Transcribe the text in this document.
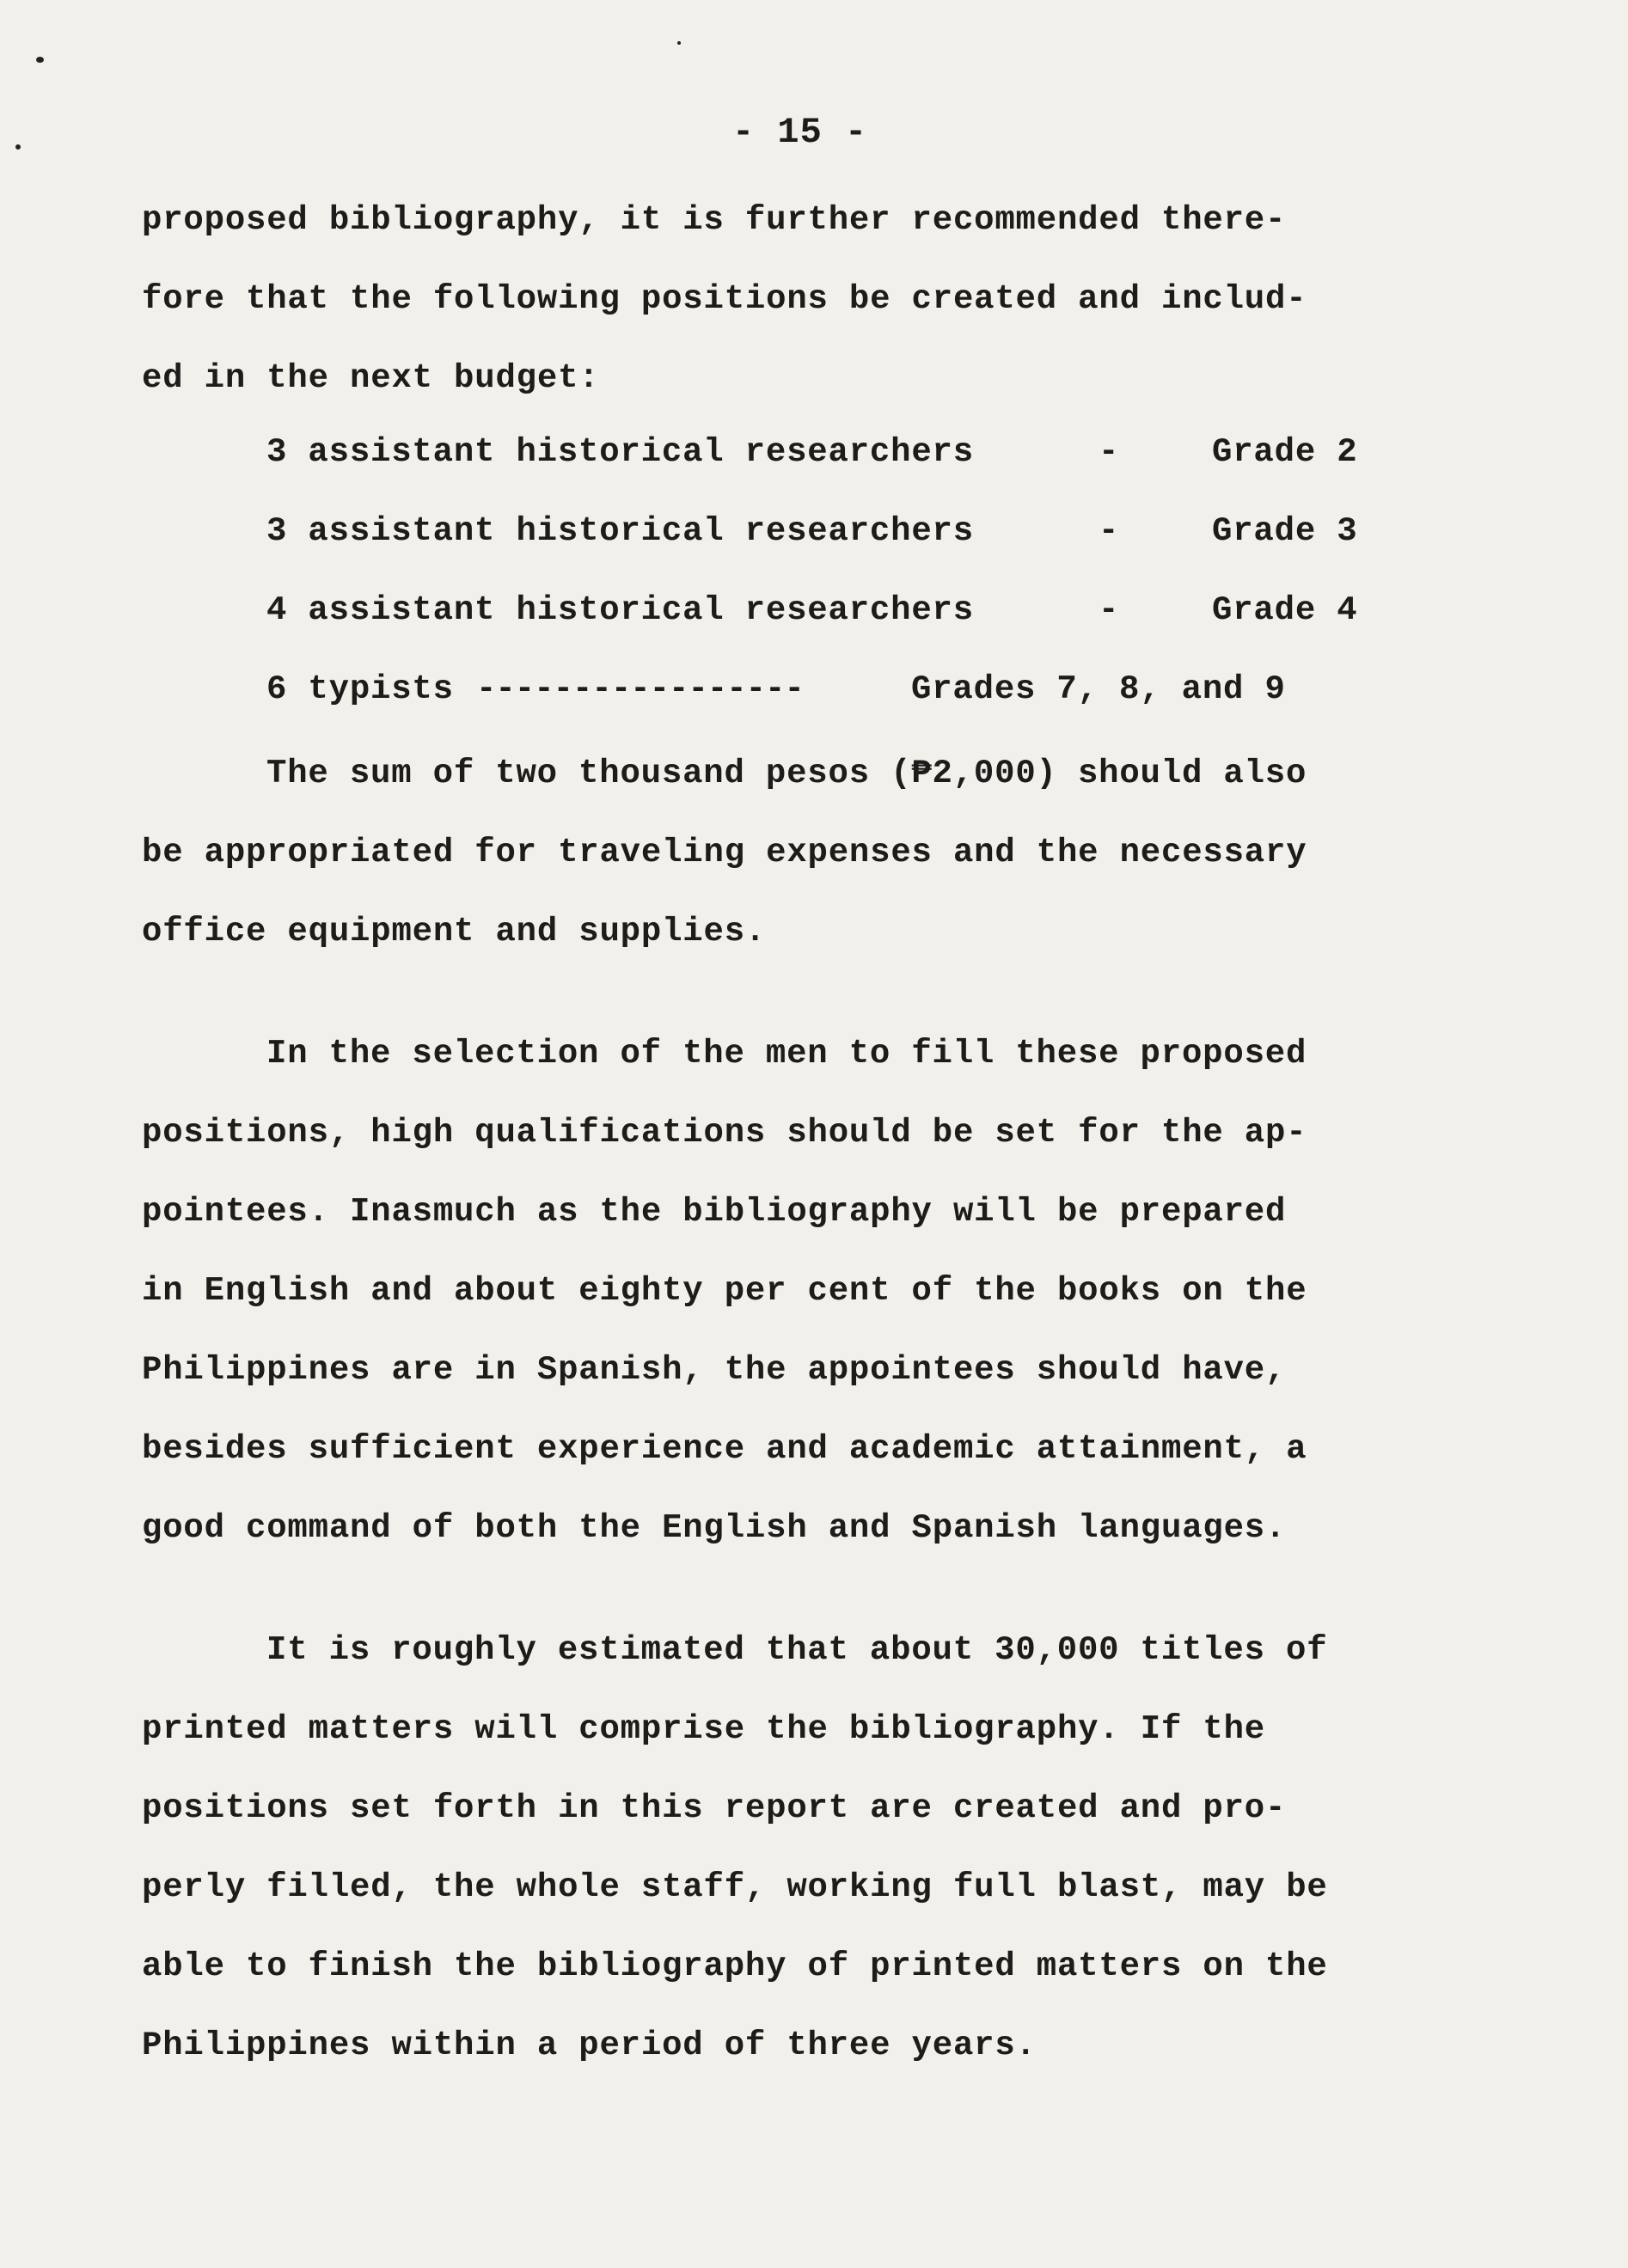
- 15 -
proposed bibliography, it is further recommended there-
fore that the following positions be created and includ-
ed in the next budget:
3 assistant historical researchers	-	Grade 2
3 assistant historical researchers	-	Grade 3
4 assistant historical researchers	-	Grade 4
6 typists -----------------	Grades 7, 8, and 9
The sum of two thousand pesos (₱2,000) should also
be appropriated for traveling expenses and the necessary
office equipment and supplies.
In the selection of the men to fill these proposed
positions, high qualifications should be set for the ap-
pointees. Inasmuch as the bibliography will be prepared
in English and about eighty per cent of the books on the
Philippines are in Spanish, the appointees should have,
besides sufficient experience and academic attainment, a
good command of both the English and Spanish languages.
It is roughly estimated that about 30,000 titles of
printed matters will comprise the bibliography. If the
positions set forth in this report are created and pro-
perly filled, the whole staff, working full blast, may be
able to finish the bibliography of printed matters on the
Philippines within a period of three years.
